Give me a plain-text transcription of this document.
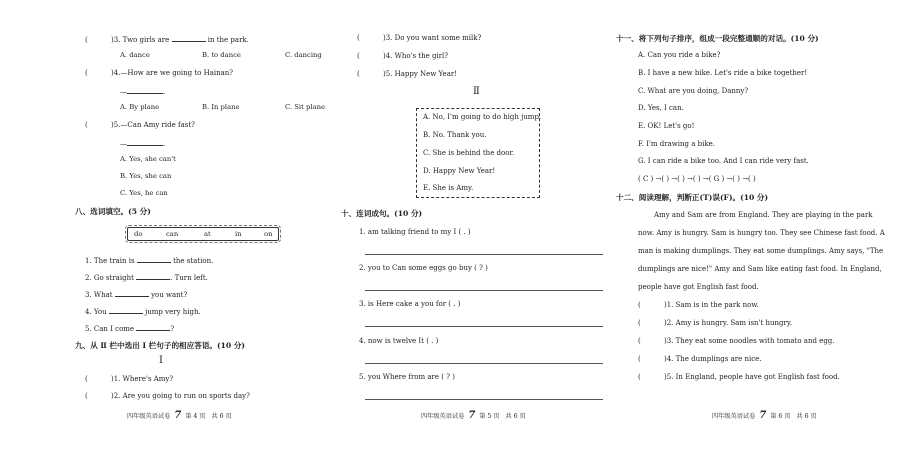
(	)3. Two girls are	in the park.
A. dance	B. to dance	C. dancing
(	)4.—How are we going to Hainan?
—	.
A. By plane	B. In plane	C. Sit plane
(	)5.—Can Amy ride fast?
—	.
A. Yes, she can't
B. Yes, she can
C. Yes, he can
八、选词填空。(5 分)
do	can	at	in	on
1. The train is	the station.
2. Go straight	. Turn left.
3. What	you want?
4. You	jump very high.
5. Can I come	?
九、从 Ⅱ 栏中选出 Ⅰ 栏句子的相应答语。(10 分)
Ⅰ
(	)1. Where's Amy?
(	)2. Are you going to run on sports day?
四年级英语试卷 7 第 4 页 共 6 页
(	)3. Do you want some milk?
(	)4. Who's the girl?
(	)5. Happy New Year!
Ⅱ
A. No, I'm going to do high jump.
B. No. Thank you.
C. She is behind the door.
D. Happy New Year!
E. She is Amy.
十、连词成句。(10 分)
1. am talking friend to my I ( . )
2. you to Can some eggs go buy ( ? )
3. is Here cake a you for ( . )
4. now is twelve It ( . )
5. you Where from are ( ? )
四年级英语试卷 7 第 5 页 共 6 页
十一、将下列句子排序，组成一段完整通顺的对话。(10 分)
A. Can you ride a bike?
B. I have a new bike. Let's ride a bike together!
C. What are you doing, Danny?
D. Yes, I can.
E. OK! Let's go!
F. I'm drawing a bike.
G. I can ride a bike too. And I can ride very fast.
( C ) →( ) →( ) →( ) →( G ) →( ) →( )
十二、阅读理解，判断正(T)误(F)。(10 分)
Amy and Sam are from England. They are playing in the park
now. Amy is hungry. Sam is hungry too. They see Chinese fast food. A
man is making dumplings. They eat some dumplings. Amy says, "The
dumplings are nice!" Amy and Sam like eating fast food. In England,
people have got English fast food.
(	)1. Sam is in the park now.
(	)2. Amy is hungry. Sam isn't hungry.
(	)3. They eat some noodles with tomato and egg.
(	)4. The dumplings are nice.
(	)5. In England, people have got English fast food.
四年级英语试卷 7 第 6 页 共 6 页
